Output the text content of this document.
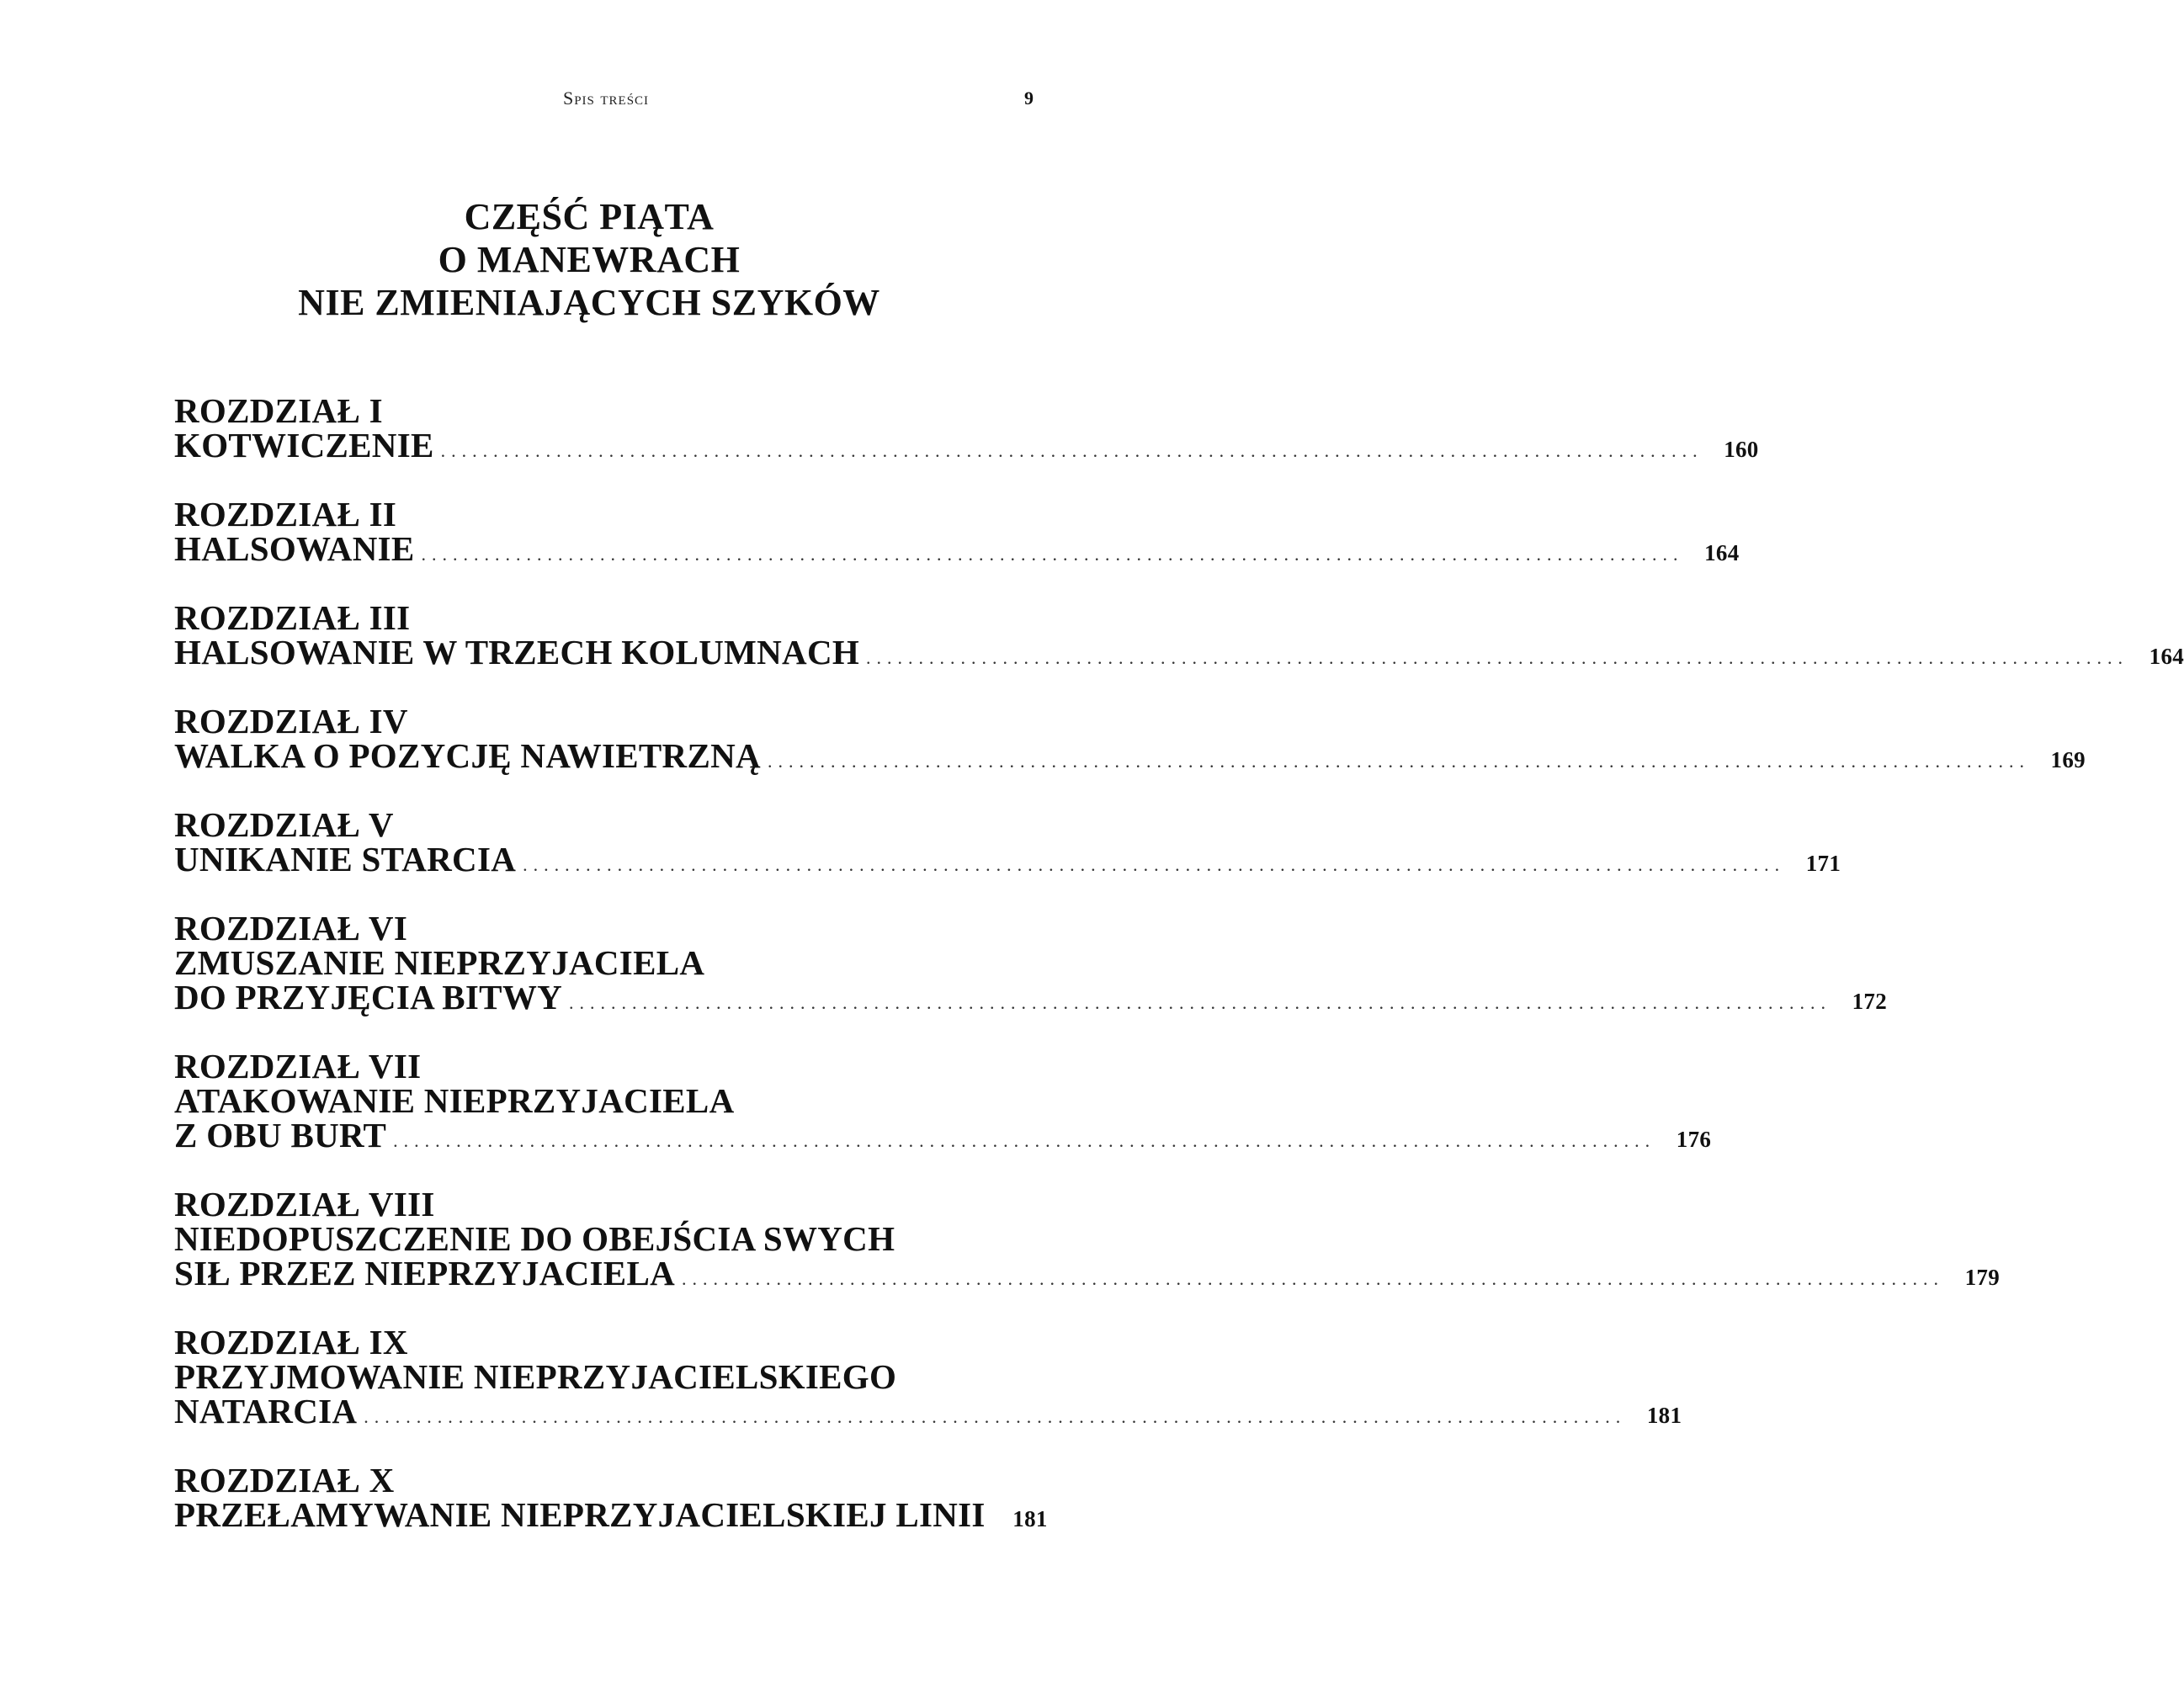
Spis treści	9
CZĘŚĆ PIĄTA
O MANEWRACH
NIE ZMIENIAJĄCYCH SZYKÓW
ROZDZIAŁ I
KOTWICZENIE ........................................................................................................................ 160
ROZDZIAŁ II
HALSOWANIE ........................................................................................................................ 164
ROZDZIAŁ III
HALSOWANIE W TRZECH KOLUMNACH ........................................................................................................................ 164
ROZDZIAŁ IV
WALKA O POZYCJĘ NAWIETRZNĄ ........................................................................................................................ 169
ROZDZIAŁ V
UNIKANIE STARCIA ........................................................................................................................ 171
ROZDZIAŁ VI
ZMUSZANIE NIEPRZYJACIELA
DO PRZYJĘCIA BITWY ........................................................................................................................ 172
ROZDZIAŁ VII
ATAKOWANIE NIEPRZYJACIELA
Z OBU BURT ........................................................................................................................ 176
ROZDZIAŁ VIII
NIEDOPUSZCZENIE DO OBEJŚCIA SWYCH
SIŁ PRZEZ NIEPRZYJACIELA ........................................................................................................................ 179
ROZDZIAŁ IX
PRZYJMOWANIE NIEPRZYJACIELSKIEGO
NATARCIA ........................................................................................................................ 181
ROZDZIAŁ X
PRZEŁAMYWANIE NIEPRZYJACIELSKIEJ LINII	181
